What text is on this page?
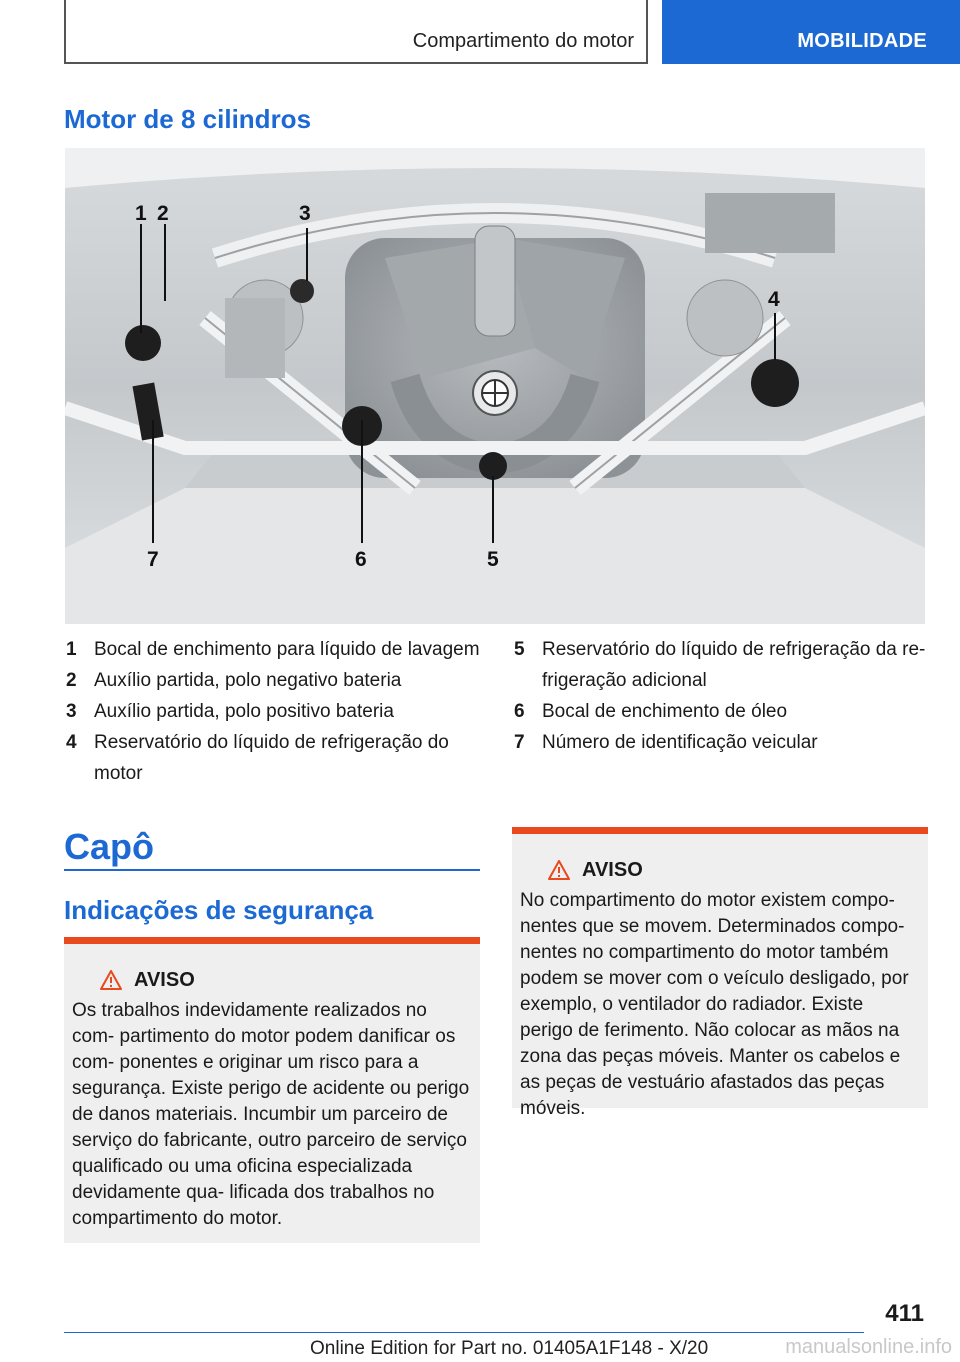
Compartimento do motor	MOBILIDADE
Motor de 8 cilindros
1 2	3
4
5
6
7
1 Bocal de enchimento para líquido de lavagem
2 Auxílio partida, polo negativo bateria
3 Auxílio partida, polo positivo bateria
4 Reservatório do líquido de refrigeração do motor
5 Reservatório do líquido de refrigeração da re- frigeração adicional
6 Bocal de enchimento de óleo
7 Número de identificação veicular
Capô
Indicações de segurança
AVISO
Os trabalhos indevidamente realizados no com- partimento do motor podem danificar os com- ponentes e originar um risco para a segurança. Existe perigo de acidente ou perigo de danos materiais. Incumbir um parceiro de serviço do fabricante, outro parceiro de serviço qualificado ou uma oficina especializada devidamente qua- lificada dos trabalhos no compartimento do motor.
AVISO
No compartimento do motor existem compo- nentes que se movem. Determinados compo- nentes no compartimento do motor também podem se mover com o veículo desligado, por exemplo, o ventilador do radiador. Existe perigo de ferimento. Não colocar as mãos na zona das peças móveis. Manter os cabelos e as peças de vestuário afastados das peças móveis.
411
Online Edition for Part no. 01405A1F148 - X/20	manualsonline.info
